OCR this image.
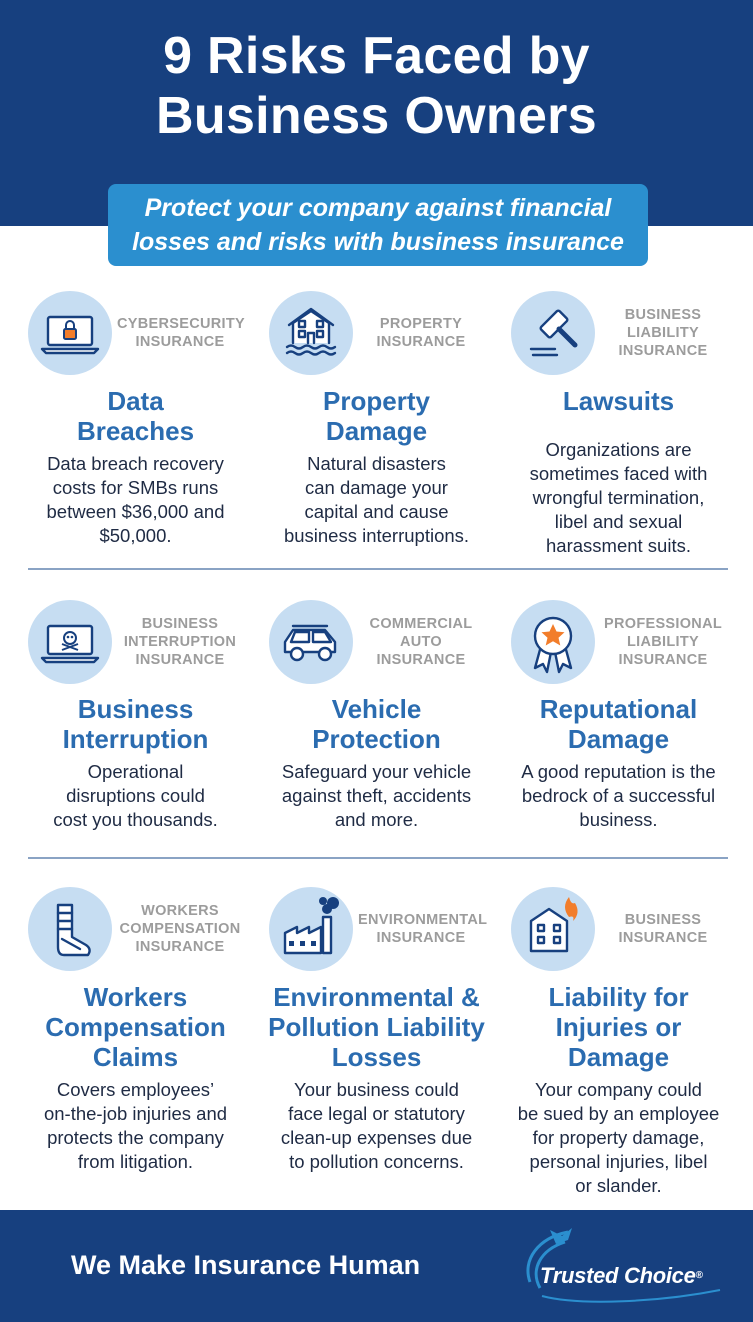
9 Risks Faced by
Business Owners
Protect your company against financial
losses and risks with business insurance
CYBERSECURITY
INSURANCE
Data
Breaches
Data breach recovery
costs for SMBs runs
between $36,000 and
$50,000.
PROPERTY
INSURANCE
Property
Damage
Natural disasters
can damage your
capital and cause
business interruptions.
BUSINESS
LIABILITY
INSURANCE
Lawsuits
Organizations are
sometimes faced with
wrongful termination,
libel and sexual
harassment suits.
BUSINESS
INTERRUPTION
INSURANCE
Business
Interruption
Operational
disruptions could
cost you thousands.
COMMERCIAL
AUTO
INSURANCE
Vehicle
Protection
Safeguard your vehicle
against theft, accidents
and more.
PROFESSIONAL
LIABILITY
INSURANCE
Reputational
Damage
A good reputation is the
bedrock of a successful
business.
WORKERS
COMPENSATION
INSURANCE
Workers
Compensation
Claims
Covers employees’
on-the-job injuries and
protects the company
from litigation.
ENVIRONMENTAL
INSURANCE
Environmental &
Pollution Liability
Losses
Your business could
face legal or statutory
clean-up expenses due
to pollution concerns.
BUSINESS
INSURANCE
Liability for
Injuries or
Damage
Your company could
be sued by an employee
for property damage,
personal injuries, libel
or slander.
We Make Insurance Human	Trusted Choice®
